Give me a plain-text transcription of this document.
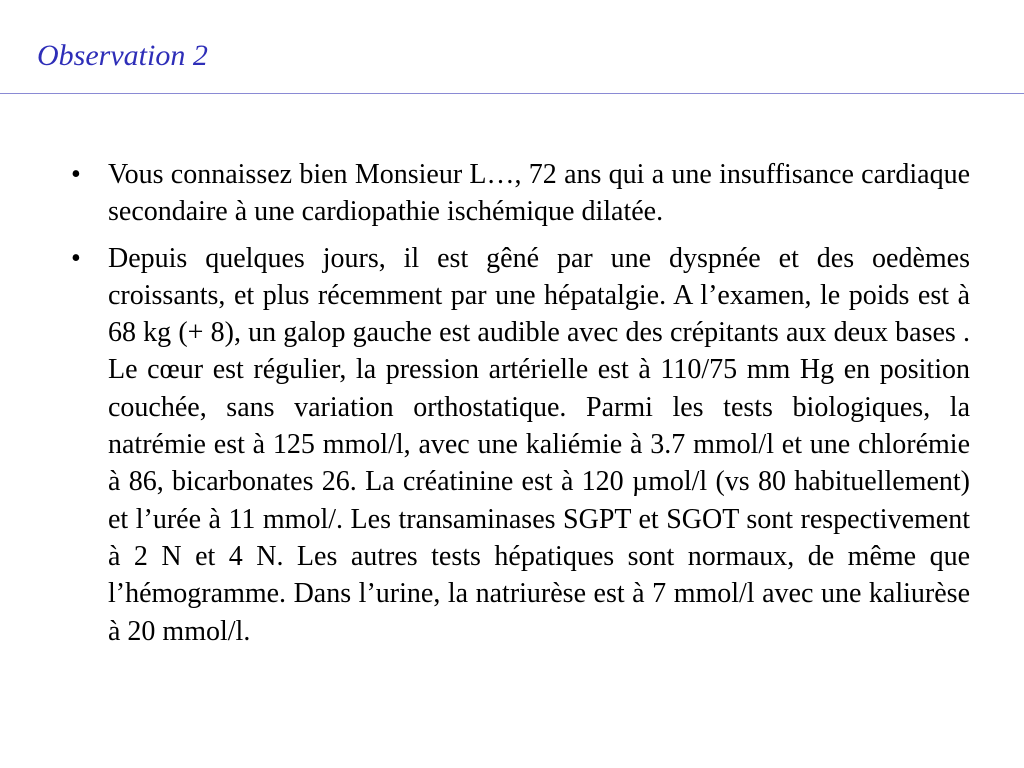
Observation 2
• Vous connaissez bien Monsieur L…, 72 ans qui a une insuffisance cardiaque secondaire à une cardiopathie ischémique dilatée.
• Depuis quelques jours, il est gêné par une dyspnée et des oedèmes croissants, et plus récemment par une hépatalgie. A l’examen, le poids est à 68 kg (+ 8), un galop gauche est audible avec des crépitants aux deux bases . Le cœur est régulier, la pression artérielle est à 110/75 mm Hg en position couchée, sans variation orthostatique. Parmi les tests biologiques, la natrémie est à 125 mmol/l, avec une kaliémie à 3.7 mmol/l et une chlorémie à 86, bicarbonates 26. La créatinine est à 120 µmol/l (vs 80 habituellement) et l’urée à 11 mmol/. Les transaminases SGPT et SGOT sont respectivement à 2 N et 4 N. Les autres tests hépatiques sont normaux, de même que l’hémogramme. Dans l’urine, la natriurèse est à 7 mmol/l avec une kaliurèse à 20 mmol/l.
